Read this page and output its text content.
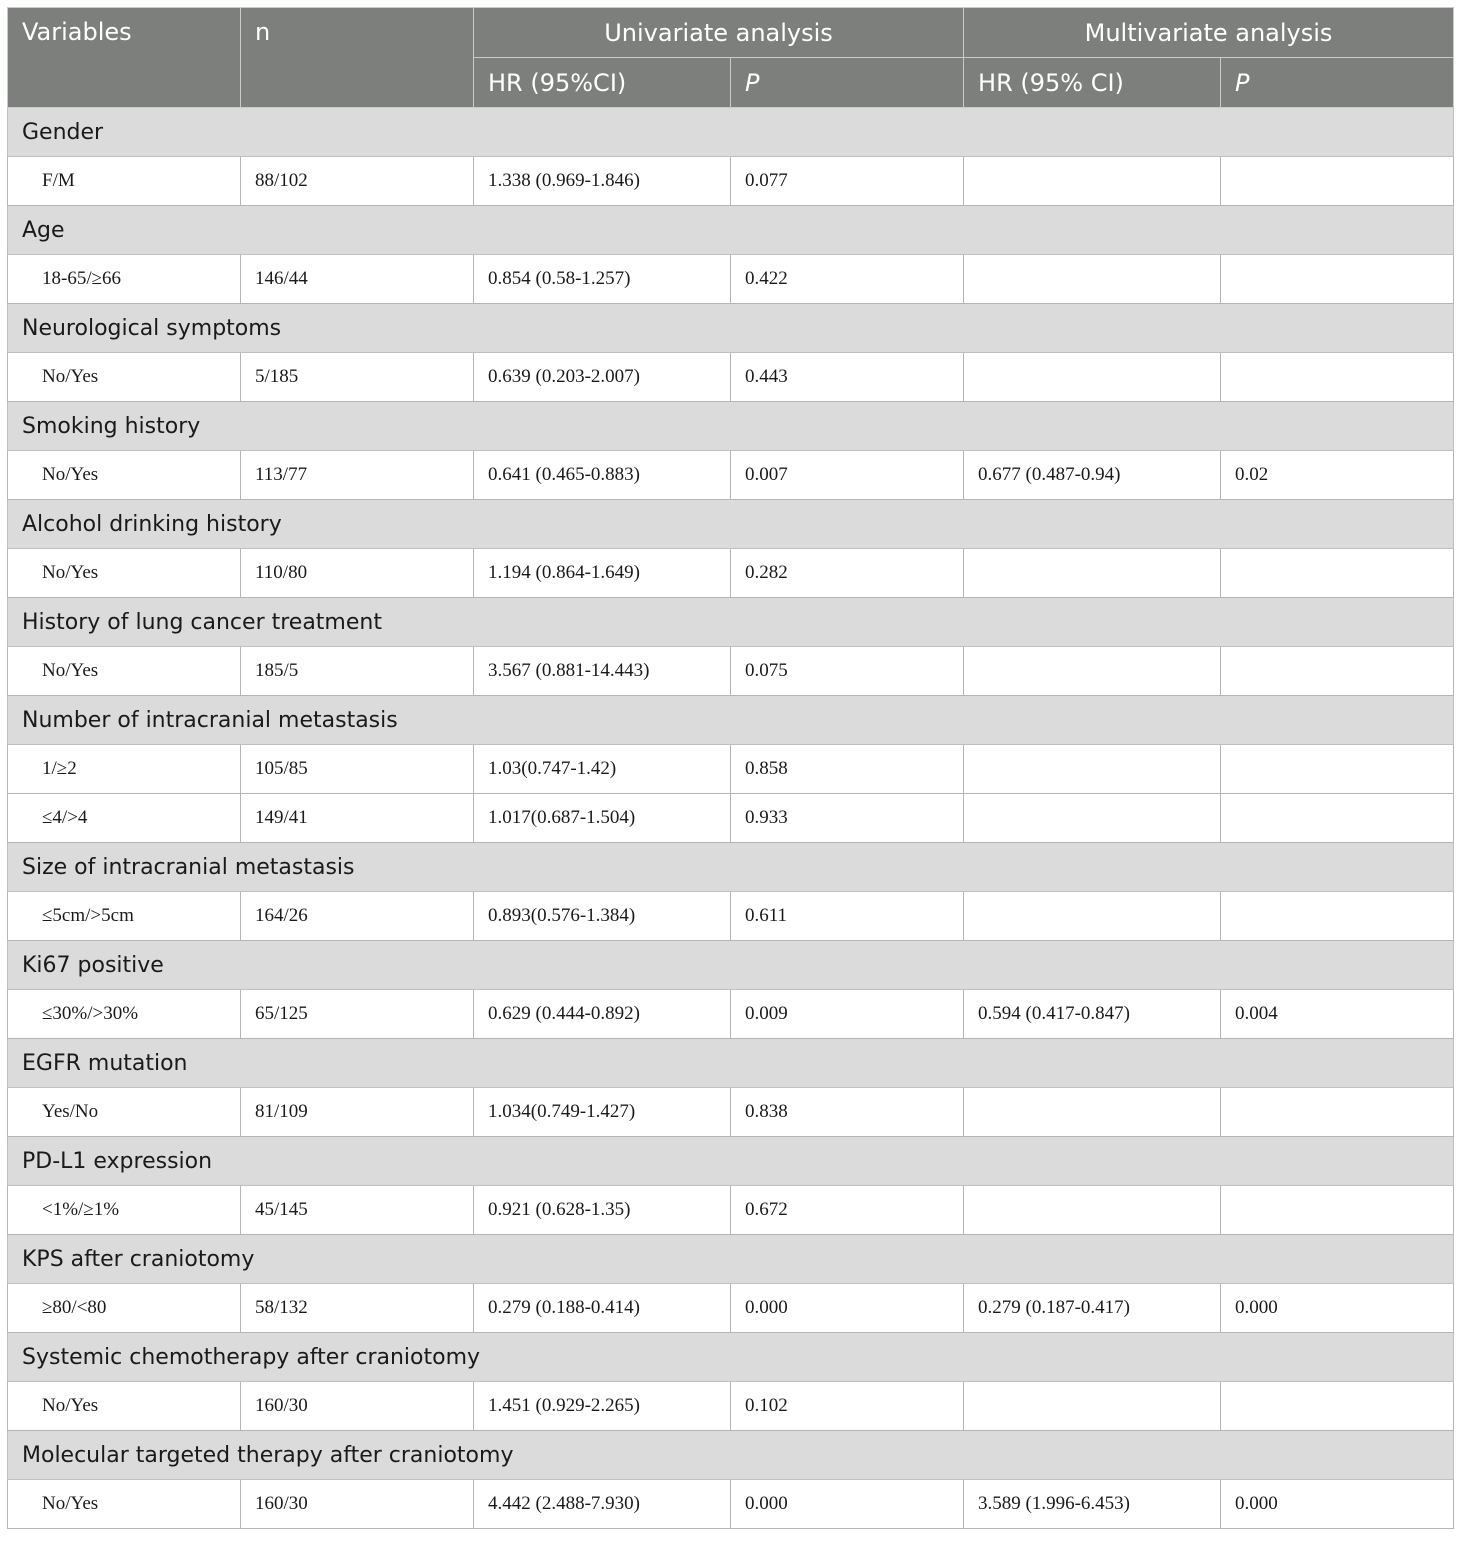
Variables	n	Univariate analysis		Multivariate analysis	
		HR (95%CI)	P	HR (95% CI)	P
Gender					
F/M	88/102	1.338 (0.969-1.846)	0.077		
Age					
18-65/≥66	146/44	0.854 (0.58-1.257)	0.422		
Neurological symptoms					
No/Yes	5/185	0.639 (0.203-2.007)	0.443		
Smoking history					
No/Yes	113/77	0.641 (0.465-0.883)	0.007	0.677 (0.487-0.94)	0.02
Alcohol drinking history					
No/Yes	110/80	1.194 (0.864-1.649)	0.282		
History of lung cancer treatment					
No/Yes	185/5	3.567 (0.881-14.443)	0.075		
Number of intracranial metastasis					
1/≥2	105/85	1.03(0.747-1.42)	0.858		
≤4/>4	149/41	1.017(0.687-1.504)	0.933		
Size of intracranial metastasis					
≤5cm/>5cm	164/26	0.893(0.576-1.384)	0.611		
Ki67 positive					
≤30%/>30%	65/125	0.629 (0.444-0.892)	0.009	0.594 (0.417-0.847)	0.004
EGFR mutation					
Yes/No	81/109	1.034(0.749-1.427)	0.838		
PD-L1 expression					
<1%/≥1%	45/145	0.921 (0.628-1.35)	0.672		
KPS after craniotomy					
≥80/<80	58/132	0.279 (0.188-0.414)	0.000	0.279 (0.187-0.417)	0.000
Systemic chemotherapy after craniotomy					
No/Yes	160/30	1.451 (0.929-2.265)	0.102		
Molecular targeted therapy after craniotomy					
No/Yes	160/30	4.442 (2.488-7.930)	0.000	3.589 (1.996-6.453)	0.000
